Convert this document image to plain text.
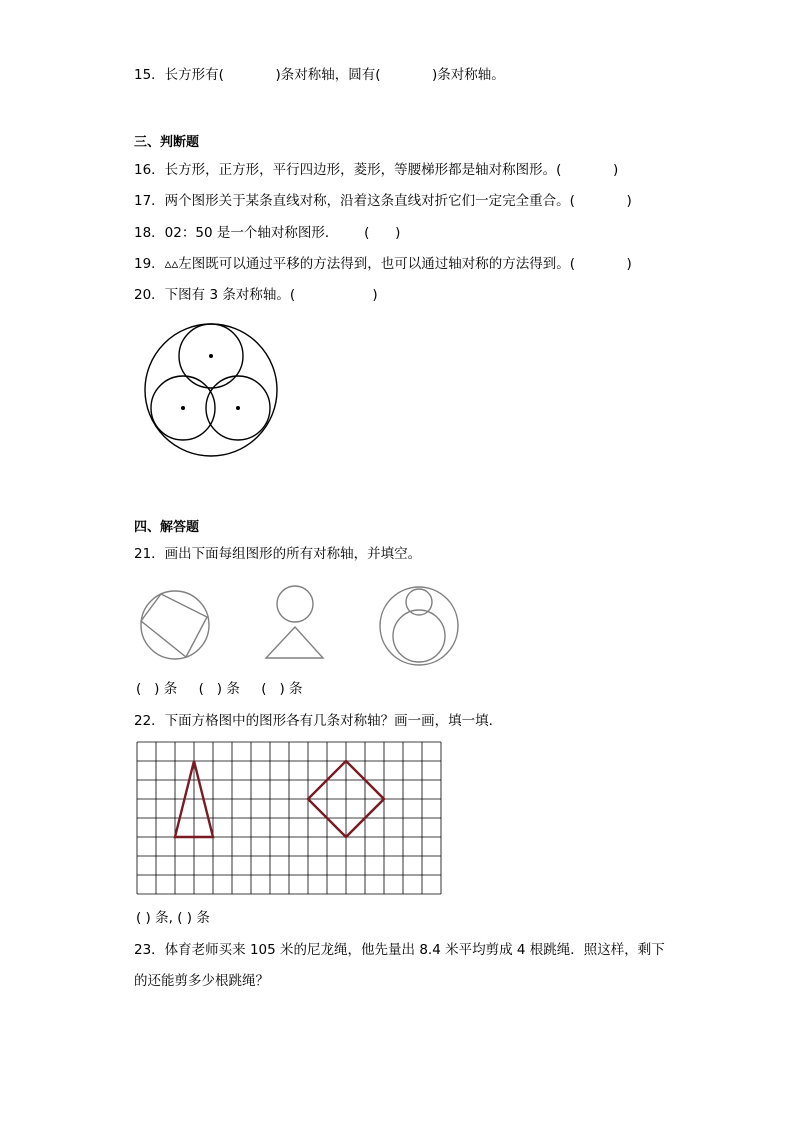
15．长方形有(            )条对称轴，圆有(            )条对称轴。
三、判断题
16．长方形，正方形，平行四边形，菱形，等腰梯形都是轴对称图形。(            )
17．两个图形关于某条直线对称，沿着这条直线对折它们一定完全重合。(            )
18．02：50 是一个轴对称图形．      (      )
19．▵▵左图既可以通过平移的方法得到，也可以通过轴对称的方法得到。(            )
20．下图有 3 条对称轴。(                  )
四、解答题
21．画出下面每组图形的所有对称轴，并填空。
(   ) 条     (   ) 条     (   ) 条
22．下面方格图中的图形各有几条对称轴？画一画，填一填．
( ) 条, ( ) 条
23．体育老师买来 105 米的尼龙绳，他先量出 8.4 米平均剪成 4 根跳绳．照这样，剩下
的还能剪多少根跳绳？
